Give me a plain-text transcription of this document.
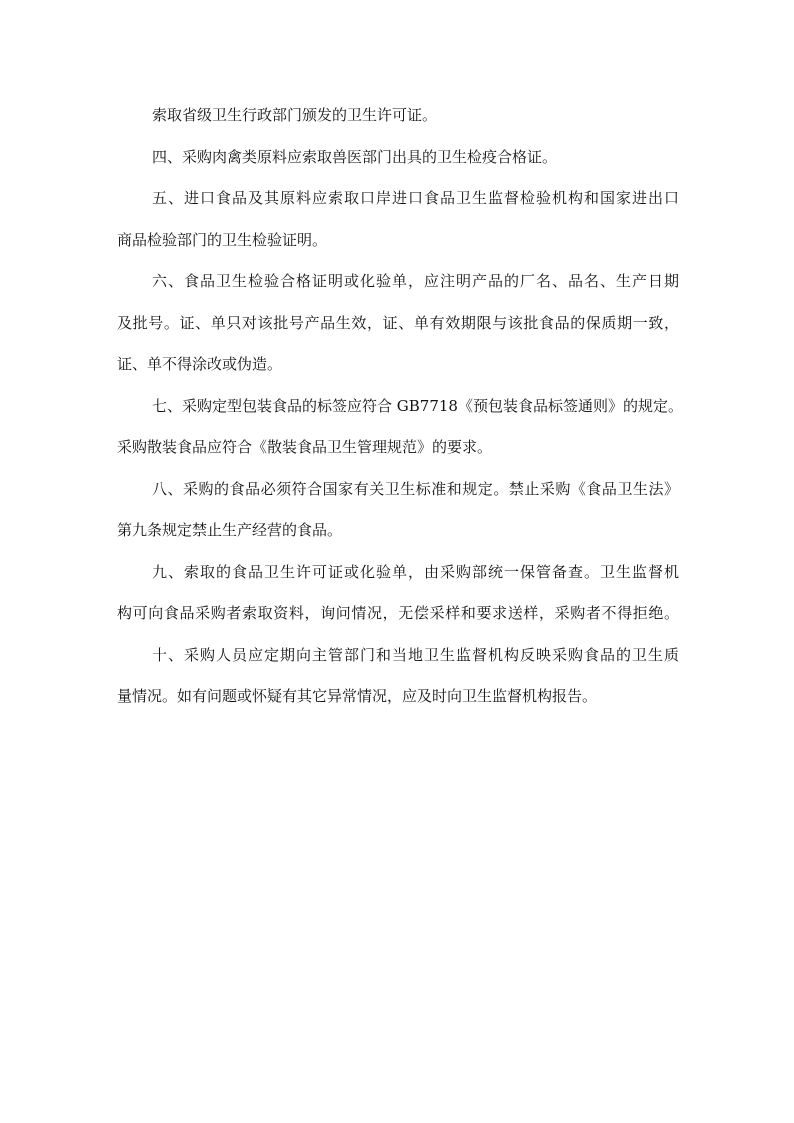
索取省级卫生行政部门颁发的卫生许可证。
四、采购肉禽类原料应索取兽医部门出具的卫生检疫合格证。
五、进口食品及其原料应索取口岸进口食品卫生监督检验机构和国家进出口
商品检验部门的卫生检验证明。
六、食品卫生检验合格证明或化验单，应注明产品的厂名、品名、生产日期
及批号。证、单只对该批号产品生效，证、单有效期限与该批食品的保质期一致，
证、单不得涂改或伪造。
七、采购定型包装食品的标签应符合 GB7718《预包装食品标签通则》的规定。
采购散装食品应符合《散装食品卫生管理规范》的要求。
八、采购的食品必须符合国家有关卫生标准和规定。禁止采购《食品卫生法》
第九条规定禁止生产经营的食品。
九、索取的食品卫生许可证或化验单，由采购部统一保管备查。卫生监督机
构可向食品采购者索取资料，询问情况，无偿采样和要求送样，采购者不得拒绝。
十、采购人员应定期向主管部门和当地卫生监督机构反映采购食品的卫生质
量情况。如有问题或怀疑有其它异常情况，应及时向卫生监督机构报告。
